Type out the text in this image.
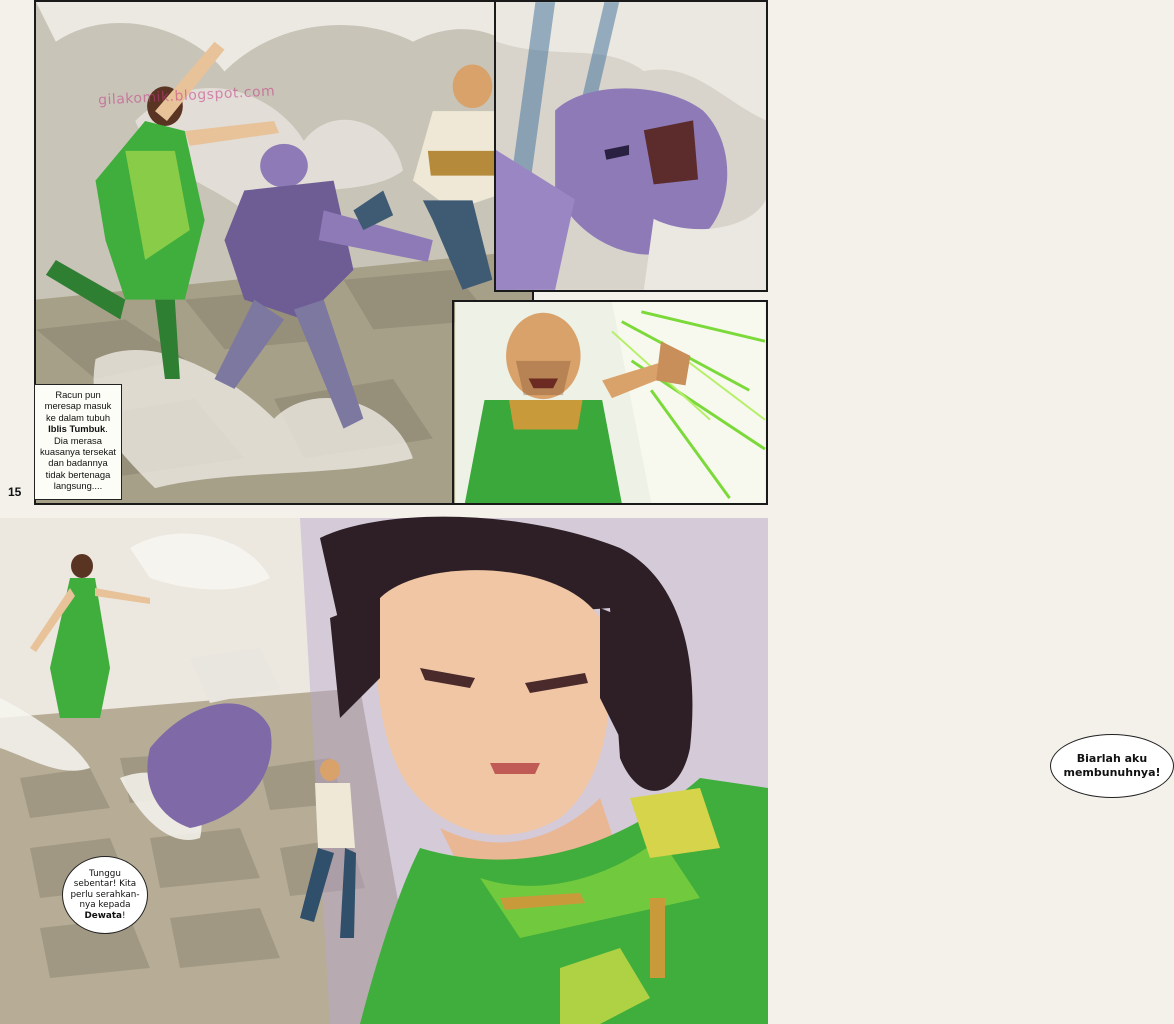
gilakomik.blogspot.com
Biarlah aku
membunuhnya!
Racun pun
meresap masuk
ke dalam tubuh
Iblis Tumbuk.
Dia merasa
kuasanya tersekat
dan badannya
tidak bertenaga
langsung....
15
Tunggu
sebentar! Kita
perlu serahkan-
nya kepada
Dewata!
